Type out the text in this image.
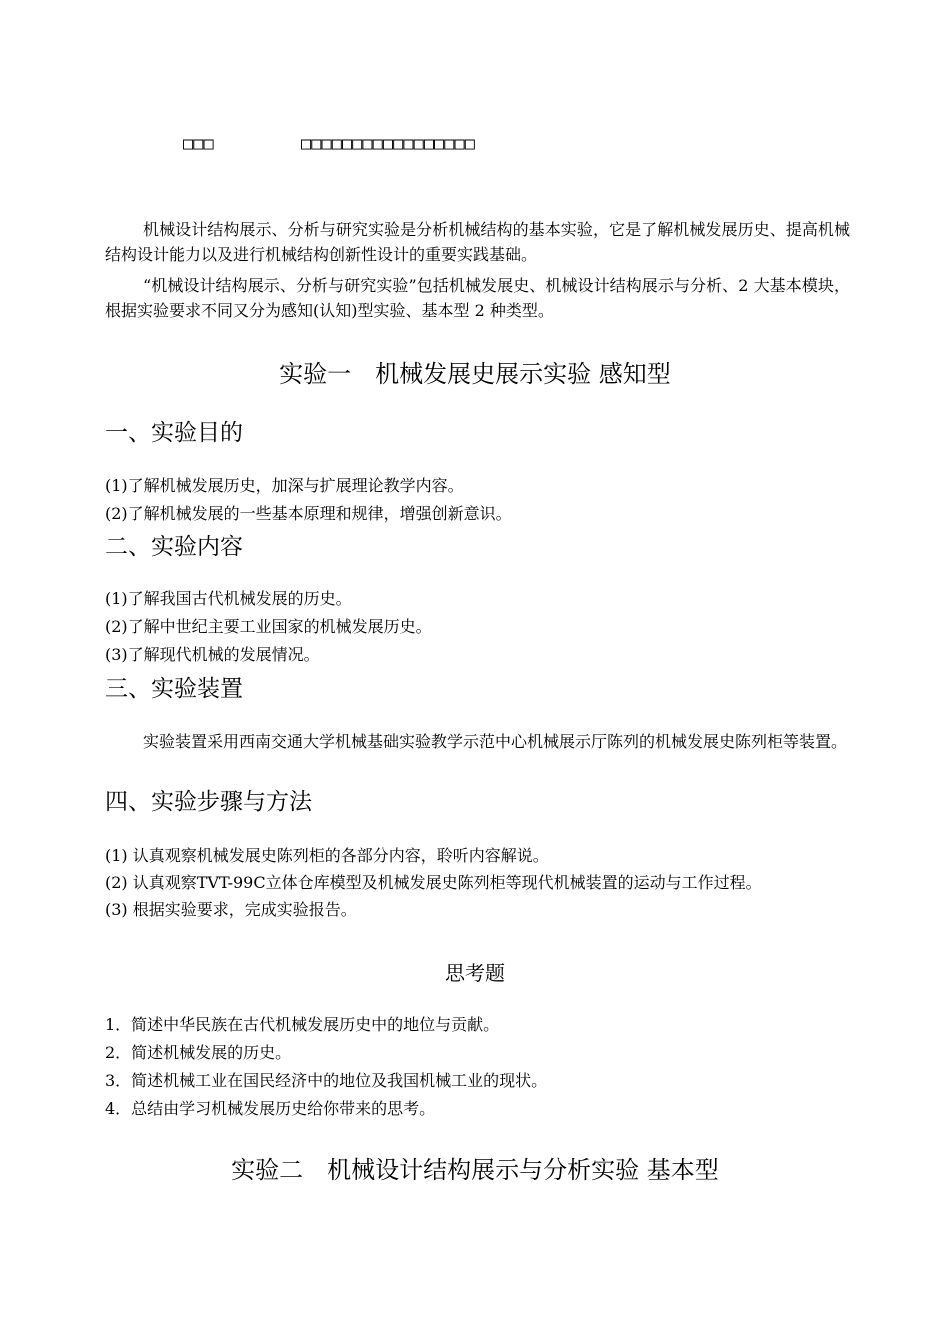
□□□	□□□□□□□□□□□□□□□□□

机械设计结构展示、分析与研究实验是分析机械结构的基本实验，它是了解机械发展历史、提高机械结构设计能力以及进行机械结构创新性设计的重要实践基础。

“机械设计结构展示、分析与研究实验”包括机械发展史、机械设计结构展示与分析、2 大基本模块，根据实验要求不同又分为感知(认知)型实验、基本型 2 种类型。

实验一　机械发展史展示实验 感知型
一、实验目的
(1)了解机械发展历史，加深与扩展理论教学内容。
(2)了解机械发展的一些基本原理和规律，增强创新意识。
二、实验内容
(1)了解我国古代机械发展的历史。
(2)了解中世纪主要工业国家的机械发展历史。
(3)了解现代机械的发展情况。
三、实验装置

实验装置采用西南交通大学机械基础实验教学示范中心机械展示厅陈列的机械发展史陈列柜等装置。

四、实验步骤与方法
(1) 认真观察机械发展史陈列柜的各部分内容，聆听内容解说。
(2) 认真观察TVT-99C立体仓库模型及机械发展史陈列柜等现代机械装置的运动与工作过程。
(3) 根据实验要求，完成实验报告。
思考题
1．简述中华民族在古代机械发展历史中的地位与贡献。
2．简述机械发展的历史。
3．简述机械工业在国民经济中的地位及我国机械工业的现状。
4．总结由学习机械发展历史给你带来的思考。
实验二　机械设计结构展示与分析实验 基本型
